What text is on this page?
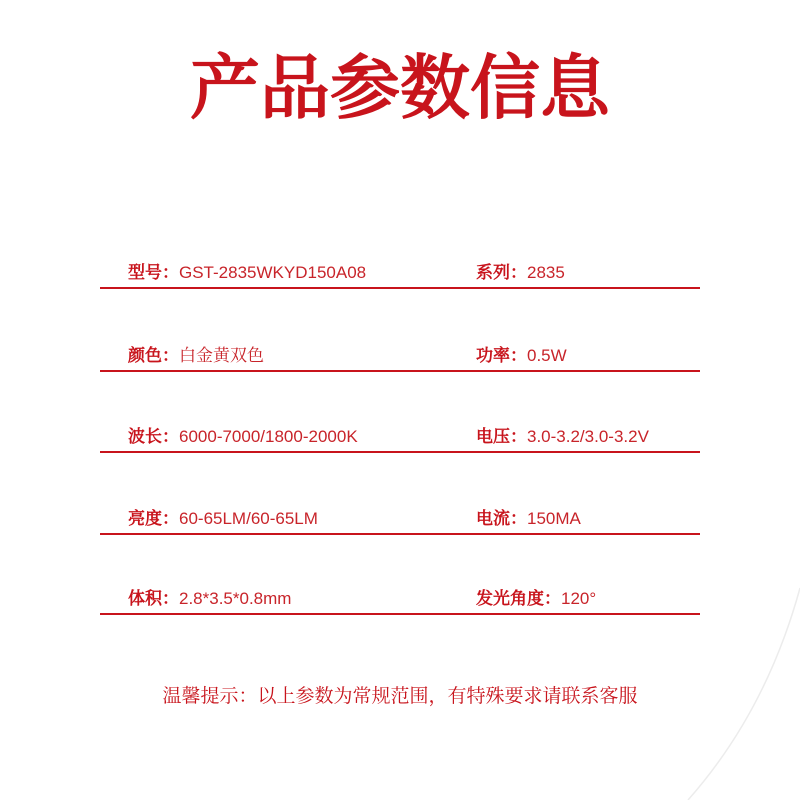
产品参数信息
型号：GST-2835WKYD150A08	系列：2835
颜色：白金黄双色	功率：0.5W
波长：6000-7000/1800-2000K	电压：3.0-3.2/3.0-3.2V
亮度：60-65LM/60-65LM	电流：150MA
体积：2.8*3.5*0.8mm	发光角度：120°
温馨提示：以上参数为常规范围，有特殊要求请联系客服
